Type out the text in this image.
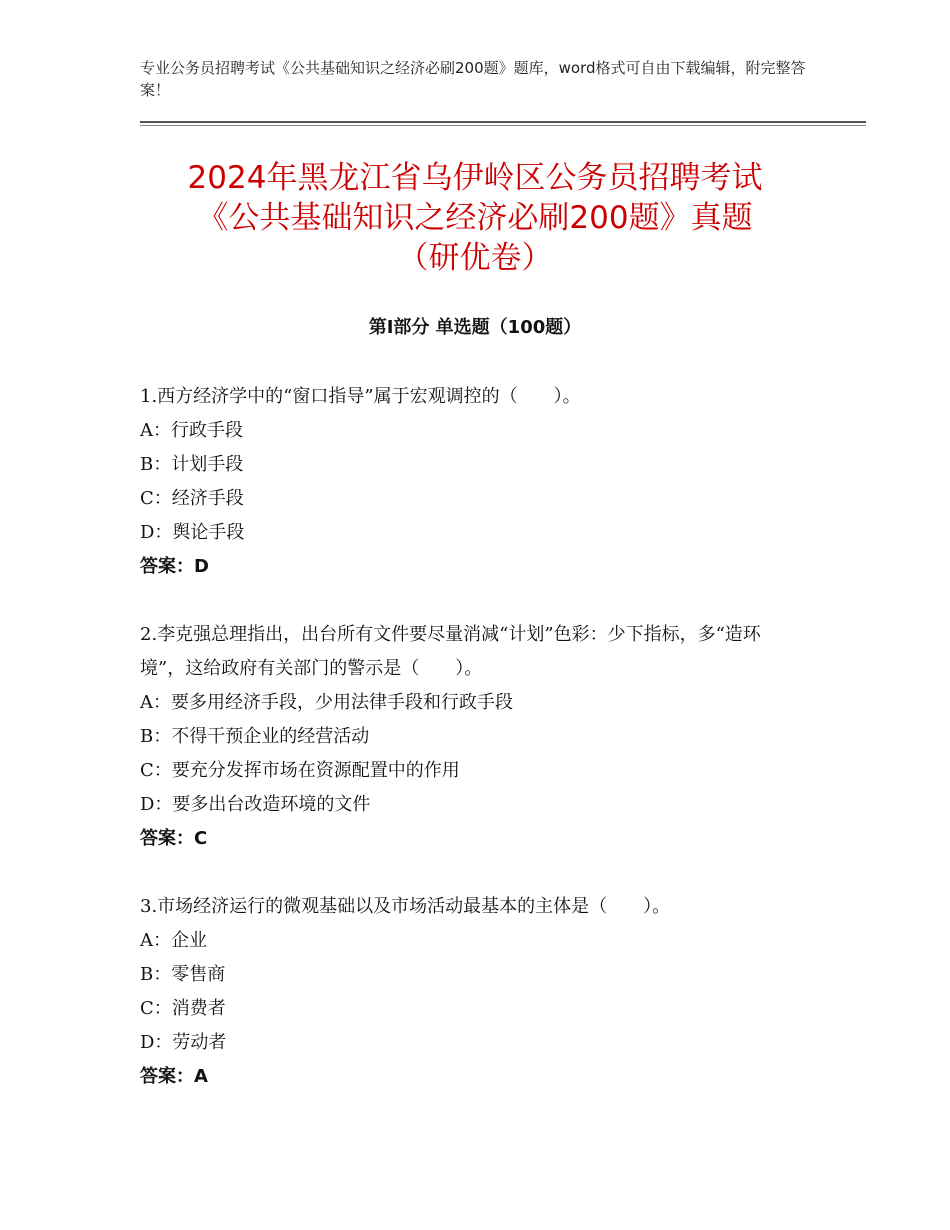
专业公务员招聘考试《公共基础知识之经济必刷200题》题库，word格式可自由下载编辑，附完整答案！
2024年黑龙江省乌伊岭区公务员招聘考试
《公共基础知识之经济必刷200题》真题
（研优卷）
第Ⅰ部分 单选题（100题）
1.西方经济学中的“窗口指导”属于宏观调控的（　　）。
A：行政手段
B：计划手段
C：经济手段
D：舆论手段
答案：D
2.李克强总理指出，出台所有文件要尽量消减“计划”色彩：少下指标，多“造环境”，这给政府有关部门的警示是（　　）。
A：要多用经济手段，少用法律手段和行政手段
B：不得干预企业的经营活动
C：要充分发挥市场在资源配置中的作用
D：要多出台改造环境的文件
答案：C
3.市场经济运行的微观基础以及市场活动最基本的主体是（　　）。
A：企业
B：零售商
C：消费者
D：劳动者
答案：A
